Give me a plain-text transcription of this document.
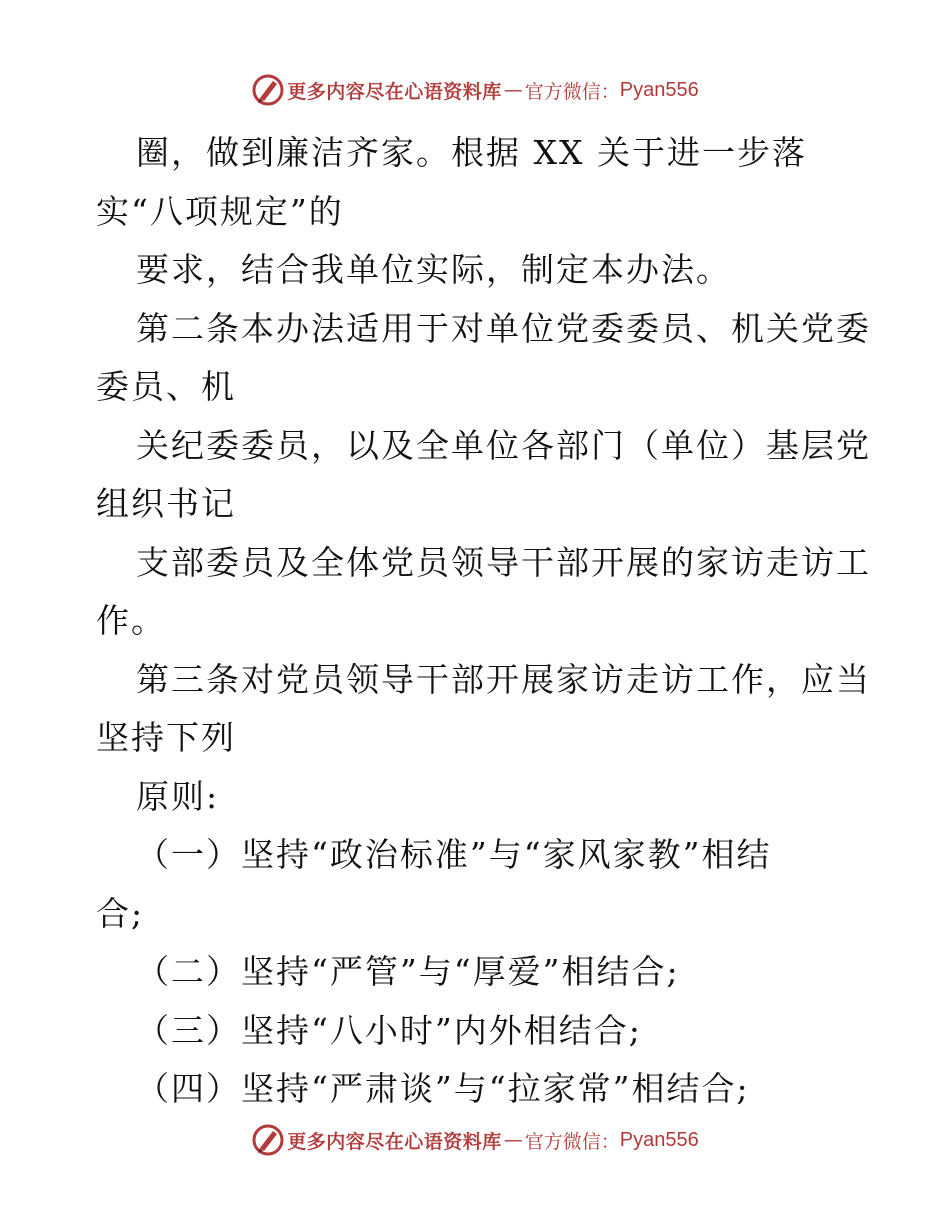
更多内容尽在心语资料库 — 官方微信： Pyan556
圈，做到廉洁齐家。根据 XX 关于进一步落
实“八项规定”的
要求，结合我单位实际，制定本办法。
第二条本办法适用于对单位党委委员、机关党委
委员、机
关纪委委员，以及全单位各部门（单位）基层党
组织书记
支部委员及全体党员领导干部开展的家访走访工
作。
第三条对党员领导干部开展家访走访工作，应当
坚持下列
原则:
（一）坚持“政治标准”与“家风家教”相结
合;
（二）坚持“严管”与“厚爱”相结合;
（三）坚持“八小时”内外相结合;
（四）坚持“严肃谈”与“拉家常”相结合;
更多内容尽在心语资料库 — 官方微信： Pyan556
